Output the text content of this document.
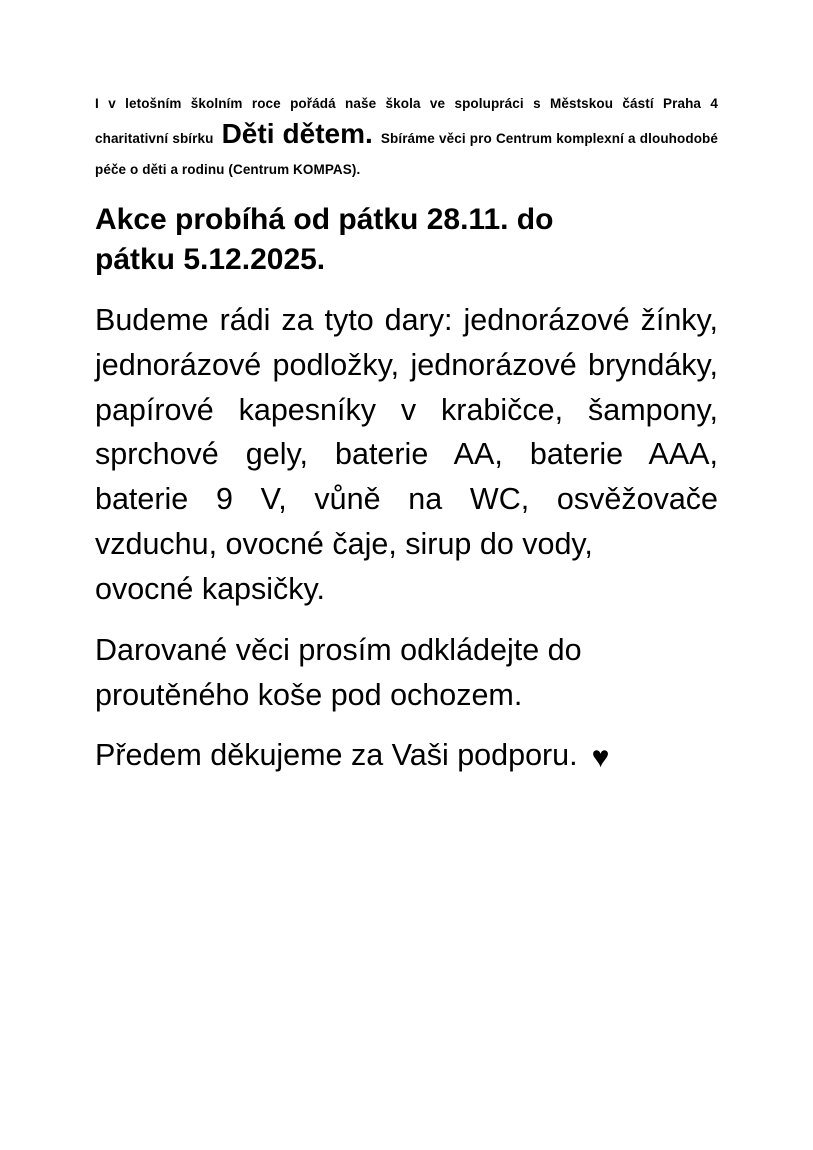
I v letošním školním roce pořádá naše škola ve spolupráci s Městskou částí Praha 4 charitativní sbírku Děti dětem. Sbíráme věci pro Centrum komplexní a dlouhodobé péče o děti a rodinu (Centrum KOMPAS).

Akce probíhá od pátku 28.11. do
pátku 5.12.2025.
Budeme rádi za tyto dary: jednorázové žínky, jednorázové podložky, jednorázové bryndáky, papírové kapesníky v krabičce, šampony, sprchové gely, baterie AA, baterie AAA, baterie 9 V, vůně na WC, osvěžovače vzduchu, ovocné čaje, sirup do vody,
ovocné kapsičky.
Darované věci prosím odkládejte do
proutěného koše pod ochozem.
Předem děkujeme za Vaši podporu. ♥
